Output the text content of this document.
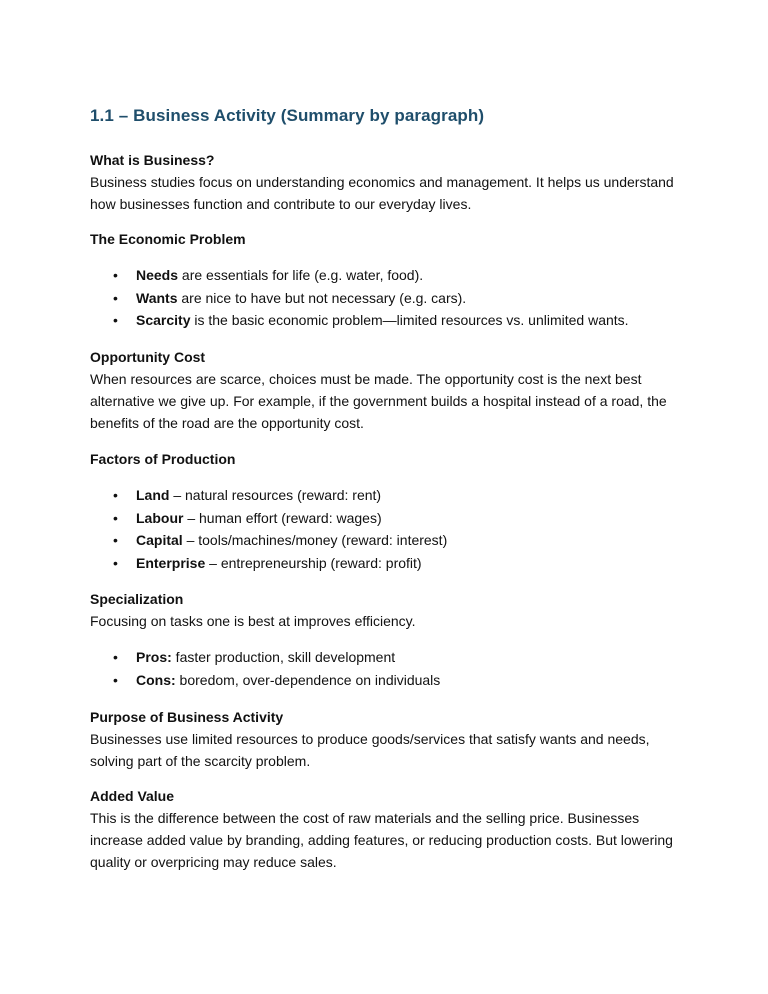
1.1 – Business Activity (Summary by paragraph)

What is Business?

Business studies focus on understanding economics and management. It helps us understand how businesses function and contribute to our everyday lives.

The Economic Problem

• Needs are essentials for life (e.g. water, food).
• Wants are nice to have but not necessary (e.g. cars).
• Scarcity is the basic economic problem—limited resources vs. unlimited wants.

Opportunity Cost

When resources are scarce, choices must be made. The opportunity cost is the next best alternative we give up. For example, if the government builds a hospital instead of a road, the benefits of the road are the opportunity cost.

Factors of Production

• Land – natural resources (reward: rent)
• Labour – human effort (reward: wages)
• Capital – tools/machines/money (reward: interest)
• Enterprise – entrepreneurship (reward: profit)

Specialization

Focusing on tasks one is best at improves efficiency.

• Pros: faster production, skill development
• Cons: boredom, over-dependence on individuals

Purpose of Business Activity

Businesses use limited resources to produce goods/services that satisfy wants and needs, solving part of the scarcity problem.

Added Value

This is the difference between the cost of raw materials and the selling price. Businesses increase added value by branding, adding features, or reducing production costs. But lowering quality or overpricing may reduce sales.
